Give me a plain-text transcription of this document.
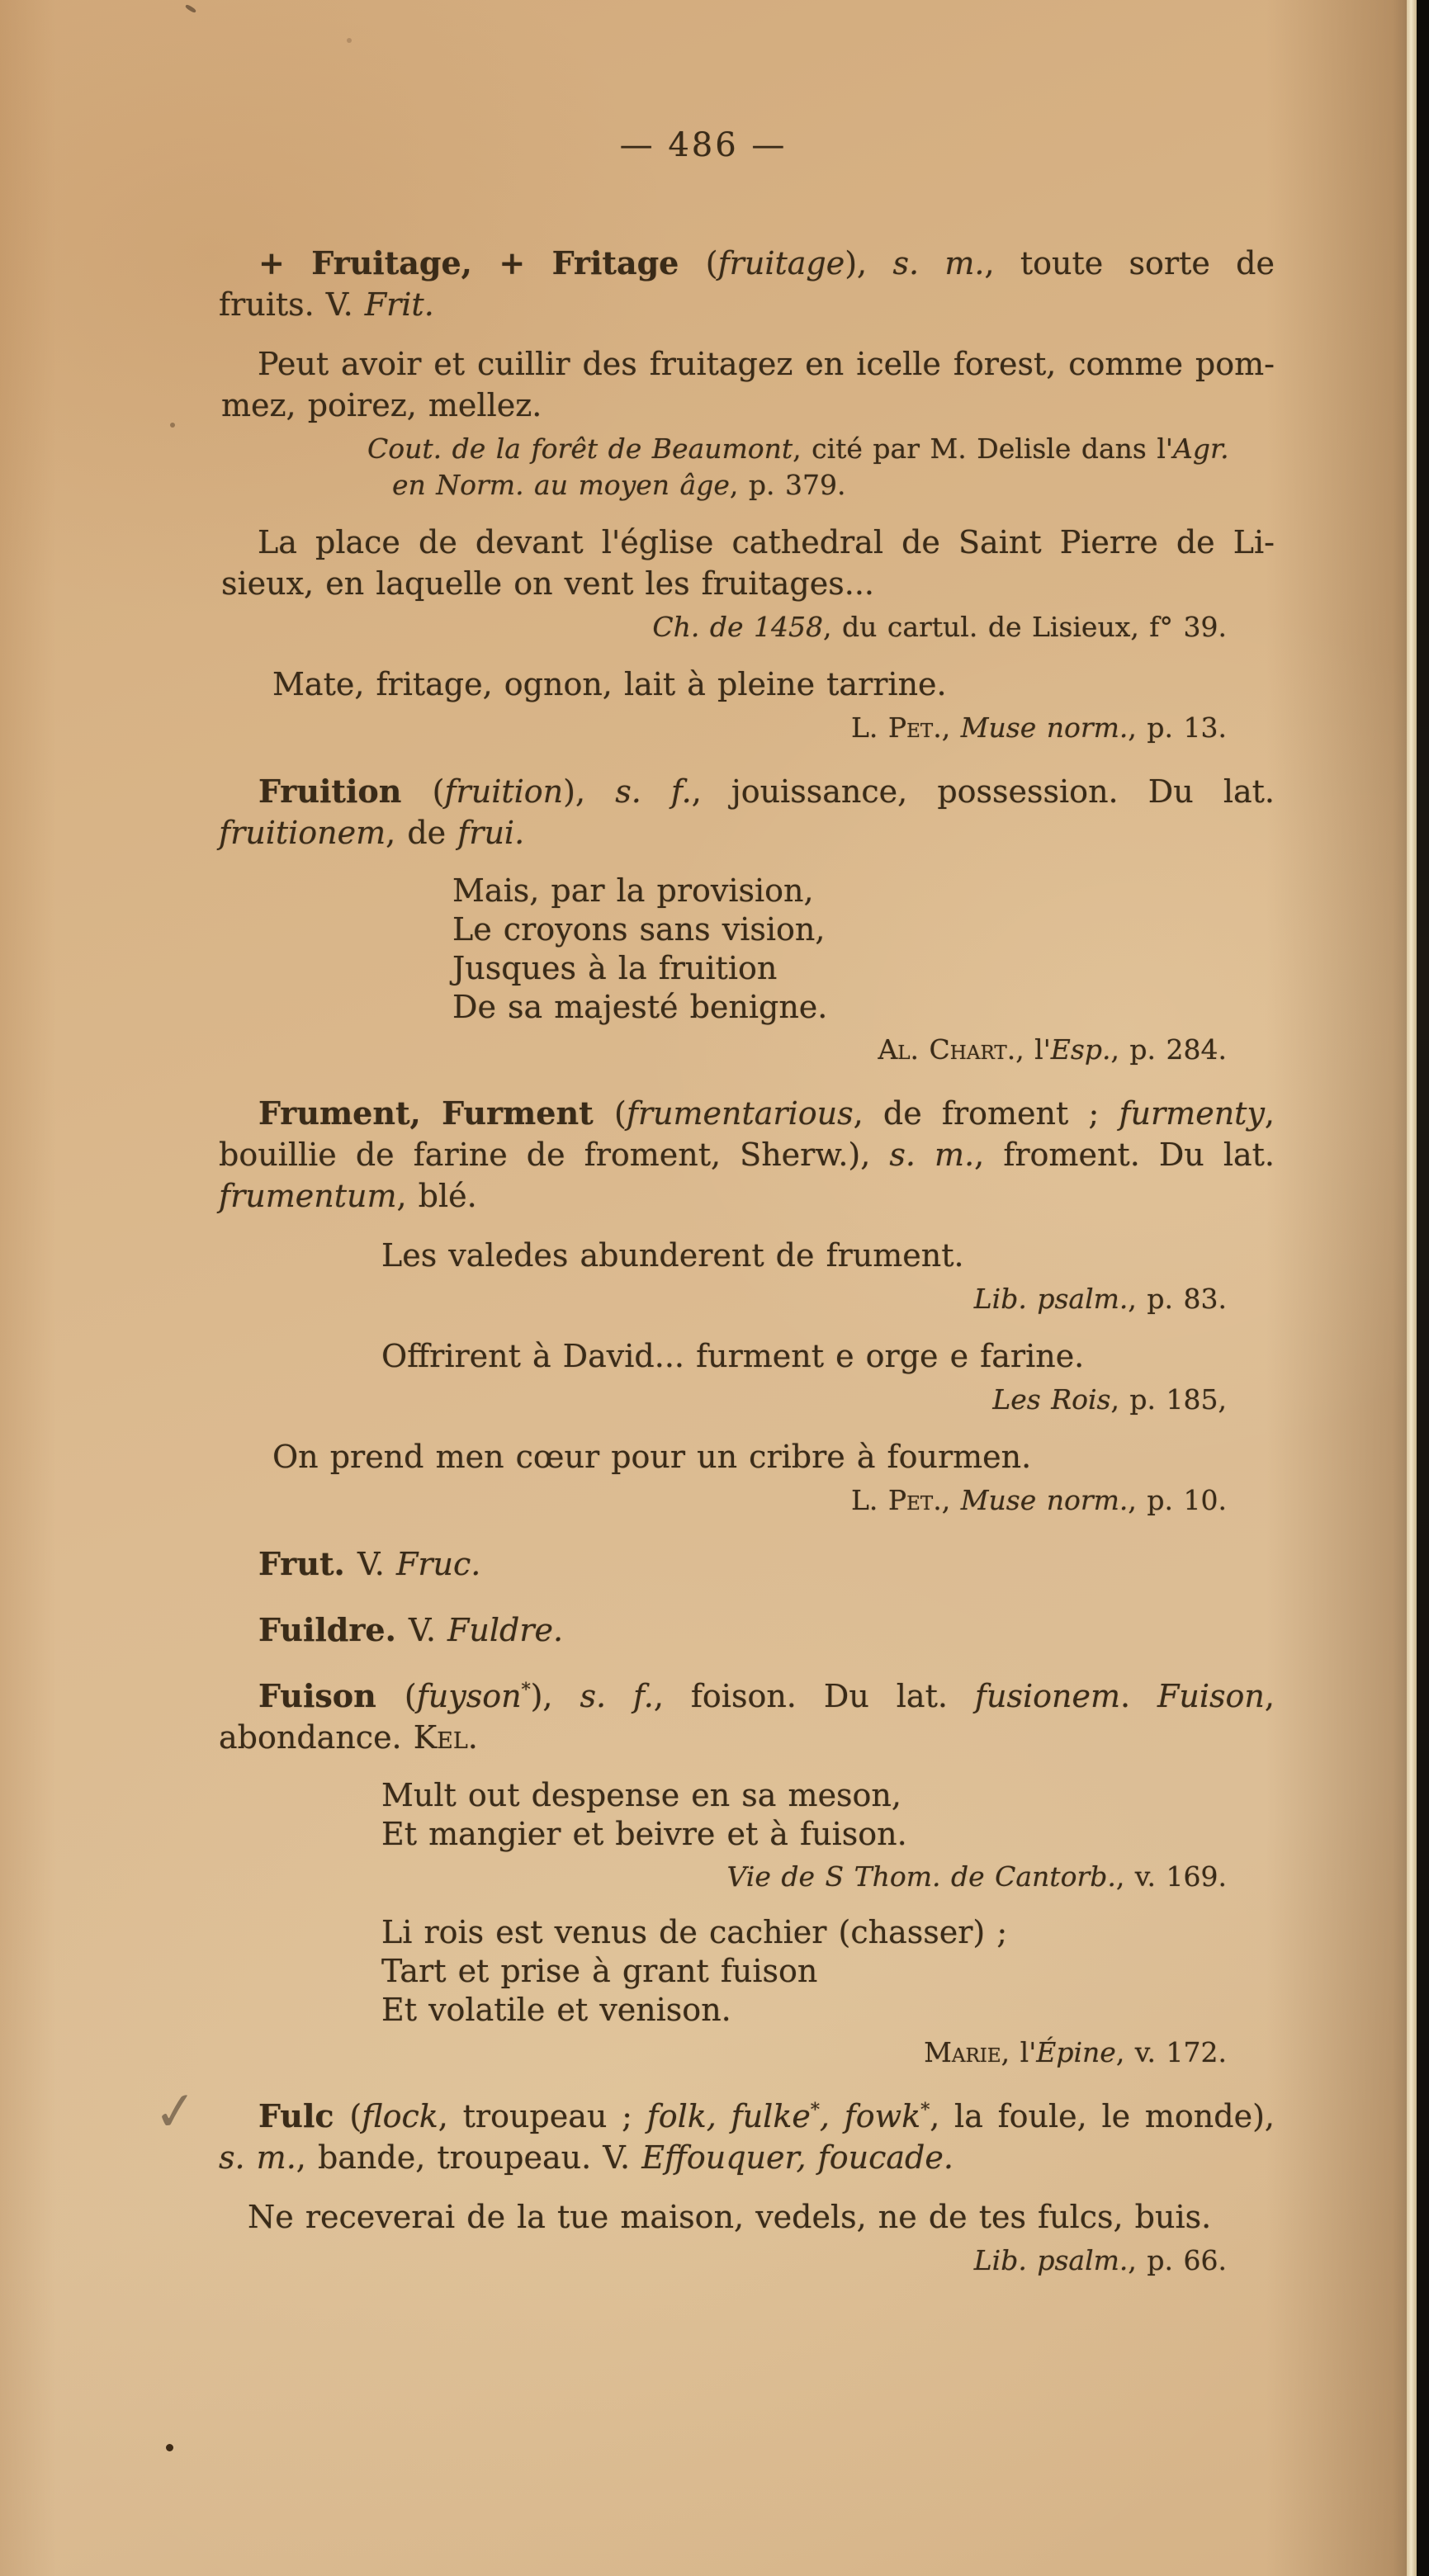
— 486 —

+ Fruitage, + Fritage (fruitage), s. m., toute sorte de

fruits. V. Frit.

Peut avoir et cuillir des fruitagez en icelle forest, comme pom-

mez, poirez, mellez.

Cout. de la forêt de Beaumont, cité par M. Delisle dans l'Agr.

en Norm. au moyen âge, p. 379.

La place de devant l'église cathedral de Saint Pierre de Li-

sieux, en laquelle on vent les fruitages...

Ch. de 1458, du cartul. de Lisieux, f° 39.

Mate, fritage, ognon, lait à pleine tarrine.

L. Pet., Muse norm., p. 13.

Fruition (fruition), s. f., jouissance, possession. Du lat.

fruitionem, de frui.

Mais, par la provision,

Le croyons sans vision,

Jusques à la fruition

De sa majesté benigne.

Al. Chart., l'Esp., p. 284.

Frument, Furment (frumentarious, de froment ; furmenty,

bouillie de farine de froment, Sherw.), s. m., froment. Du lat.

frumentum, blé.

Les valedes abunderent de frument.

Lib. psalm., p. 83.

Offrirent à David... furment e orge e farine.

Les Rois, p. 185,

On prend men cœur pour un cribre à fourmen.

L. Pet., Muse norm., p. 10.

Frut. V. Fruc.

Fuildre. V. Fuldre.

Fuison (fuyson*), s. f., foison. Du lat. fusionem. Fuison,

abondance. Kel.

Mult out despense en sa meson,

Et mangier et beivre et à fuison.

Vie de S Thom. de Cantorb., v. 169.

Li rois est venus de cachier (chasser) ;

Tart et prise à grant fuison

Et volatile et venison.

Marie, l'Épine, v. 172.

Fulc (flock, troupeau ; folk, fulke*, fowk*, la foule, le monde),

s. m., bande, troupeau. V. Effouquer, foucade.

Ne receverai de la tue maison, vedels, ne de tes fulcs, buis.

Lib. psalm., p. 66.

✓
